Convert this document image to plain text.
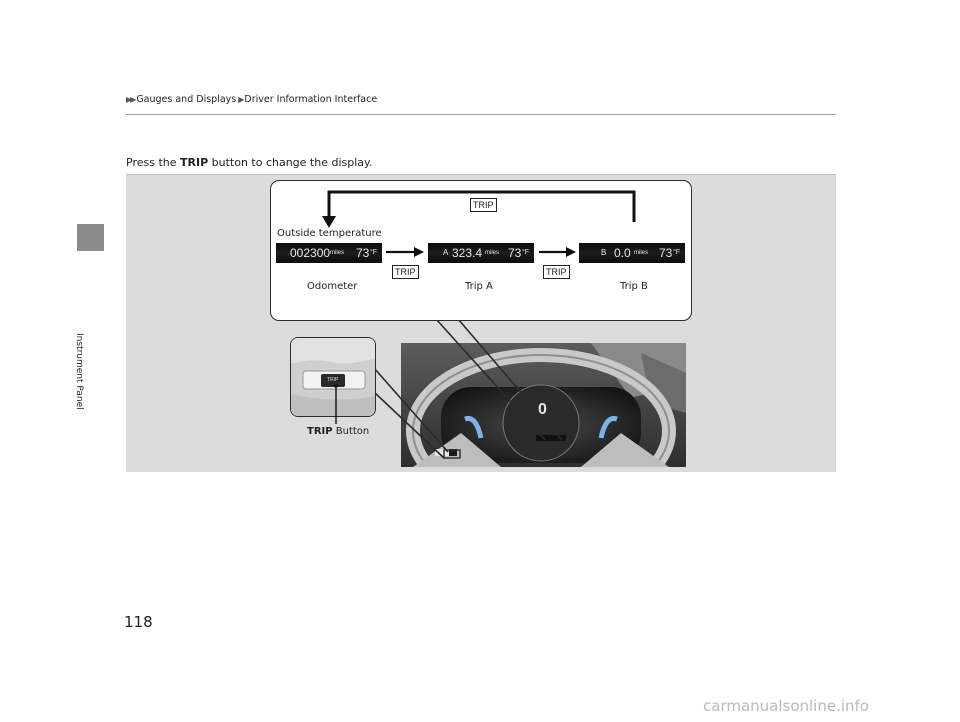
Instrument Panel
▶▶ Gauges and Displays ▶ Driver Information Interface
Press the TRIP button to change the display.
0
TRIP
Outside temperature
002300 miles 73 °F	A 323.4 miles 73 °F	B 0.0 miles 73 °F
TRIP	TRIP
Odometer	Trip A	Trip B
TRIP
TRIP Button
118
carmanualsonline.info
